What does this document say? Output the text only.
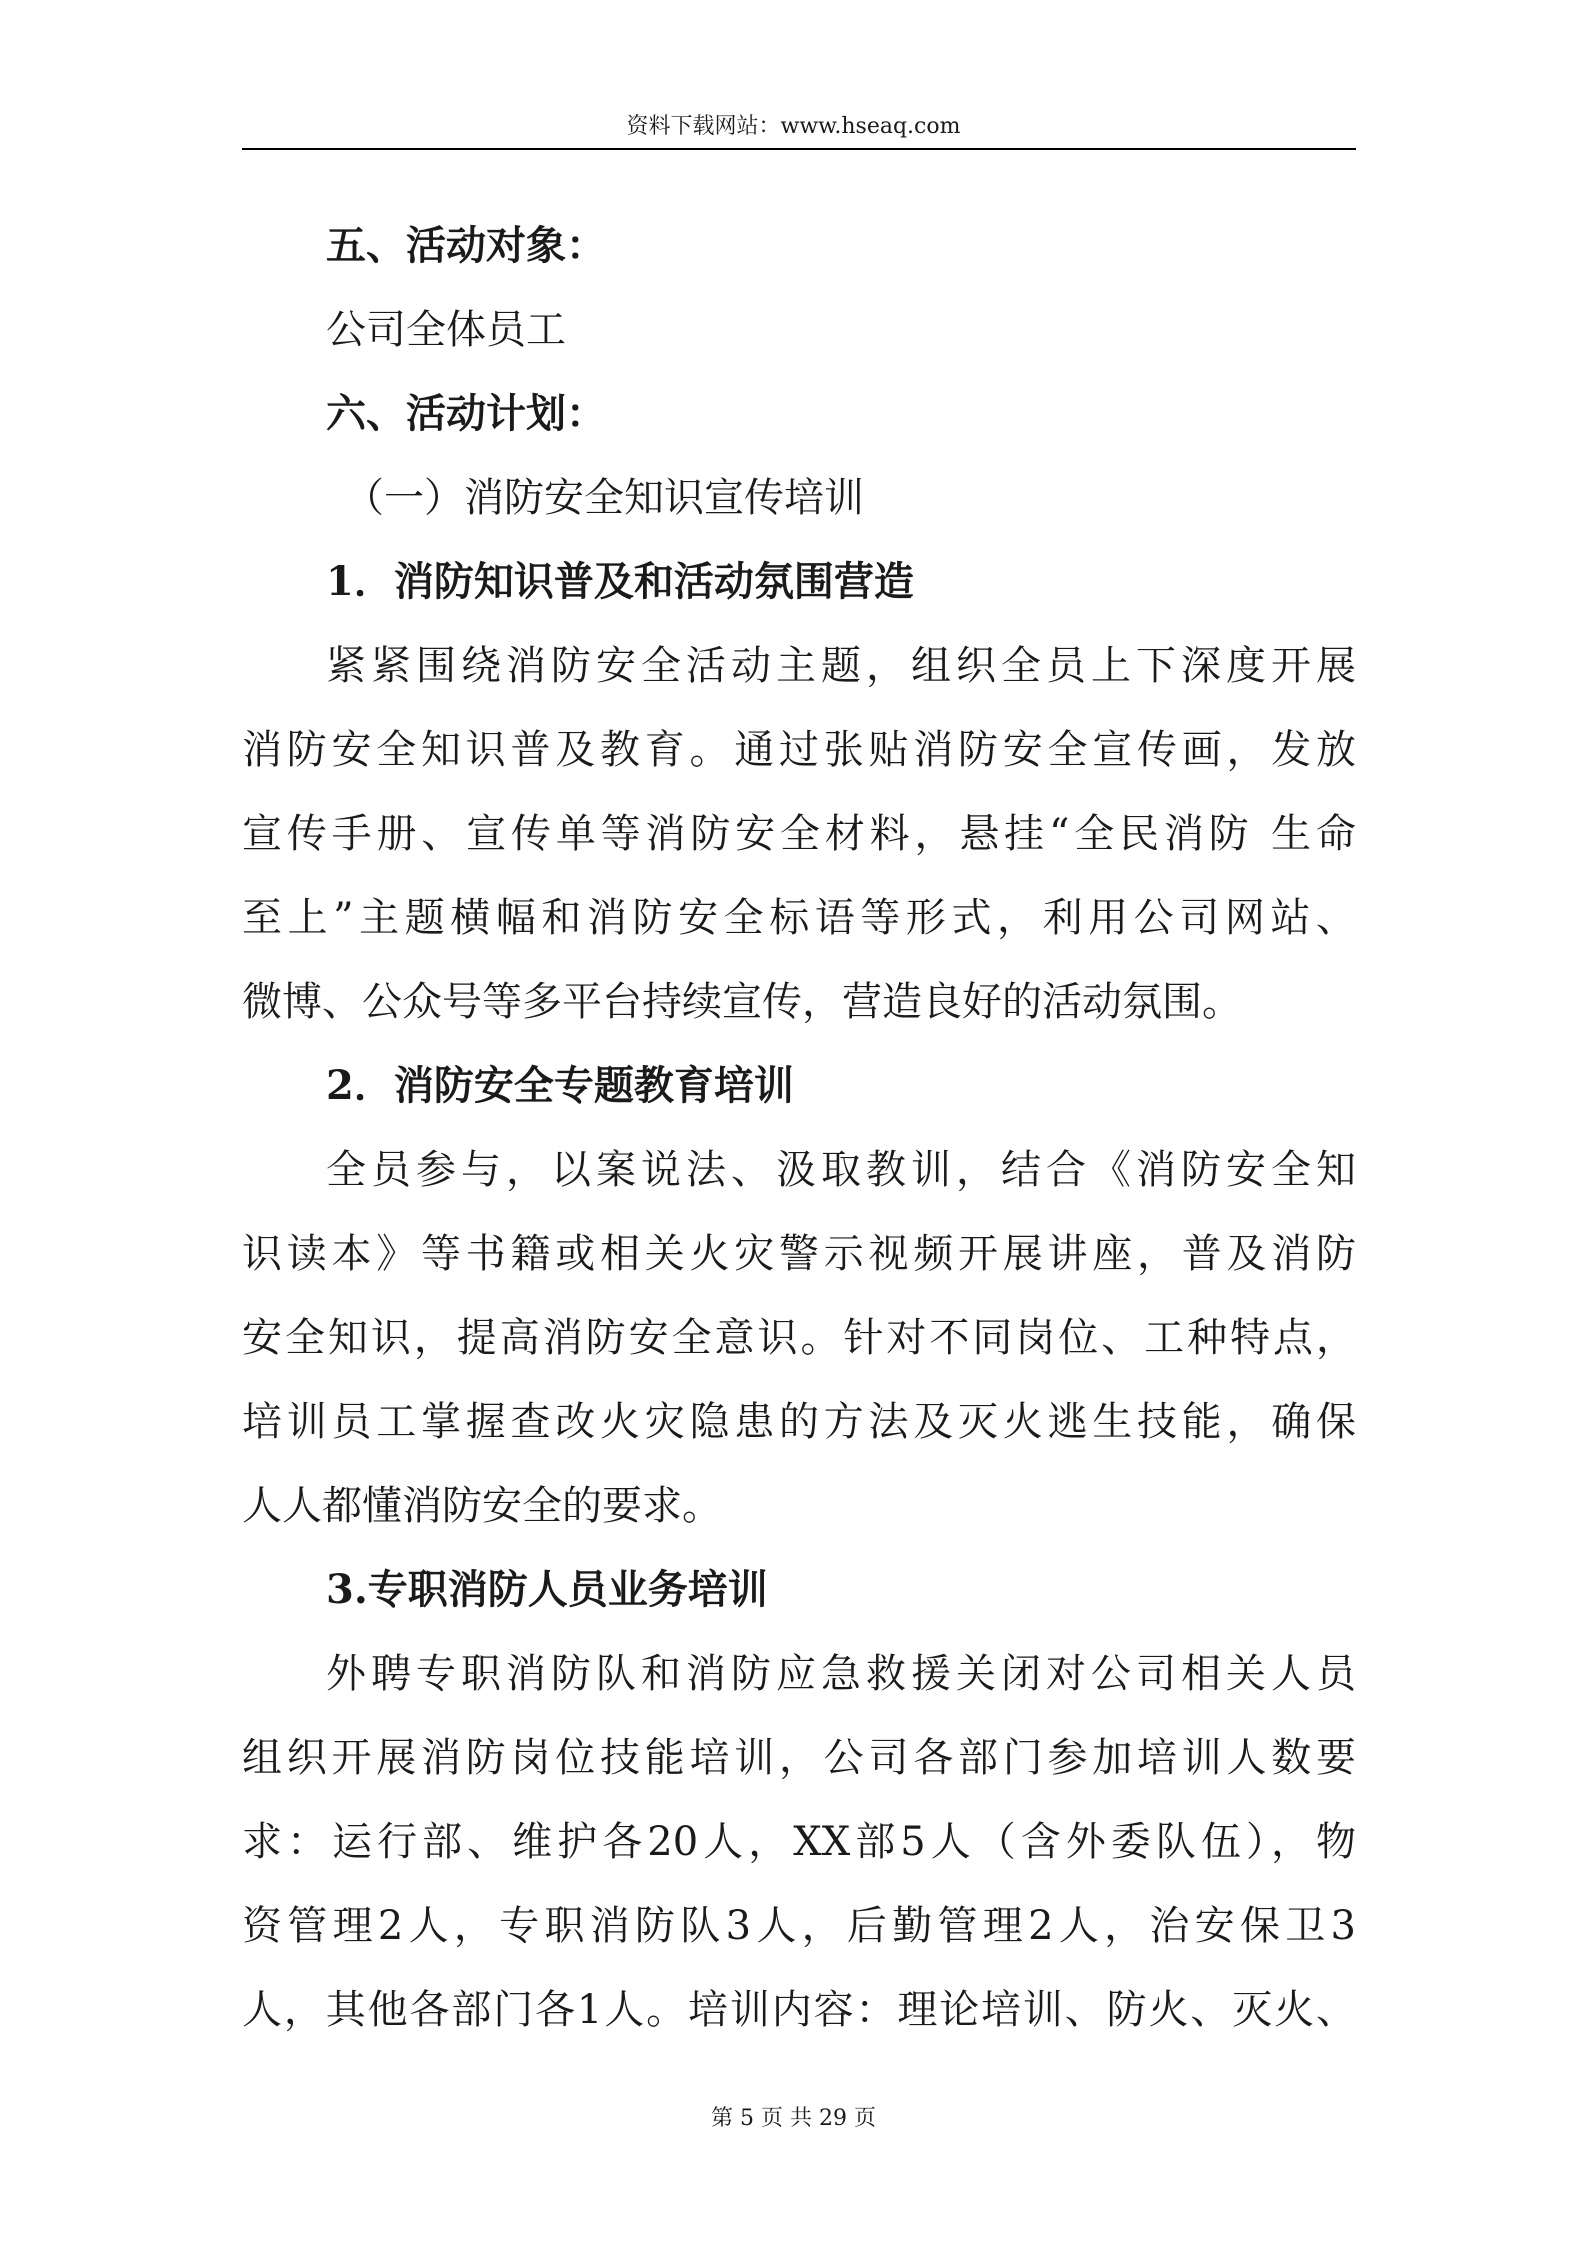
资料下载网站：www.hseaq.com
五、活动对象：
公司全体员工
六、活动计划：
（一）消防安全知识宣传培训
1．消防知识普及和活动氛围营造
紧紧围绕消防安全活动主题，组织全员上下深度开展
消防安全知识普及教育。通过张贴消防安全宣传画，发放
宣传手册、宣传单等消防安全材料，悬挂“全民消防 生命
至上”主题横幅和消防安全标语等形式，利用公司网站、
微博、公众号等多平台持续宣传，营造良好的活动氛围。
2．消防安全专题教育培训
全员参与，以案说法、汲取教训，结合《消防安全知
识读本》等书籍或相关火灾警示视频开展讲座，普及消防
安全知识，提高消防安全意识。针对不同岗位、工种特点，
培训员工掌握查改火灾隐患的方法及灭火逃生技能，确保
人人都懂消防安全的要求。
3.专职消防人员业务培训
外聘专职消防队和消防应急救援关闭对公司相关人员
组织开展消防岗位技能培训，公司各部门参加培训人数要
求：运行部、维护各20人，XX部5人（含外委队伍），物
资管理2人，专职消防队3人，后勤管理2人，治安保卫3
人，其他各部门各1人。培训内容：理论培训、防火、灭火、
第 5 页 共 29 页
